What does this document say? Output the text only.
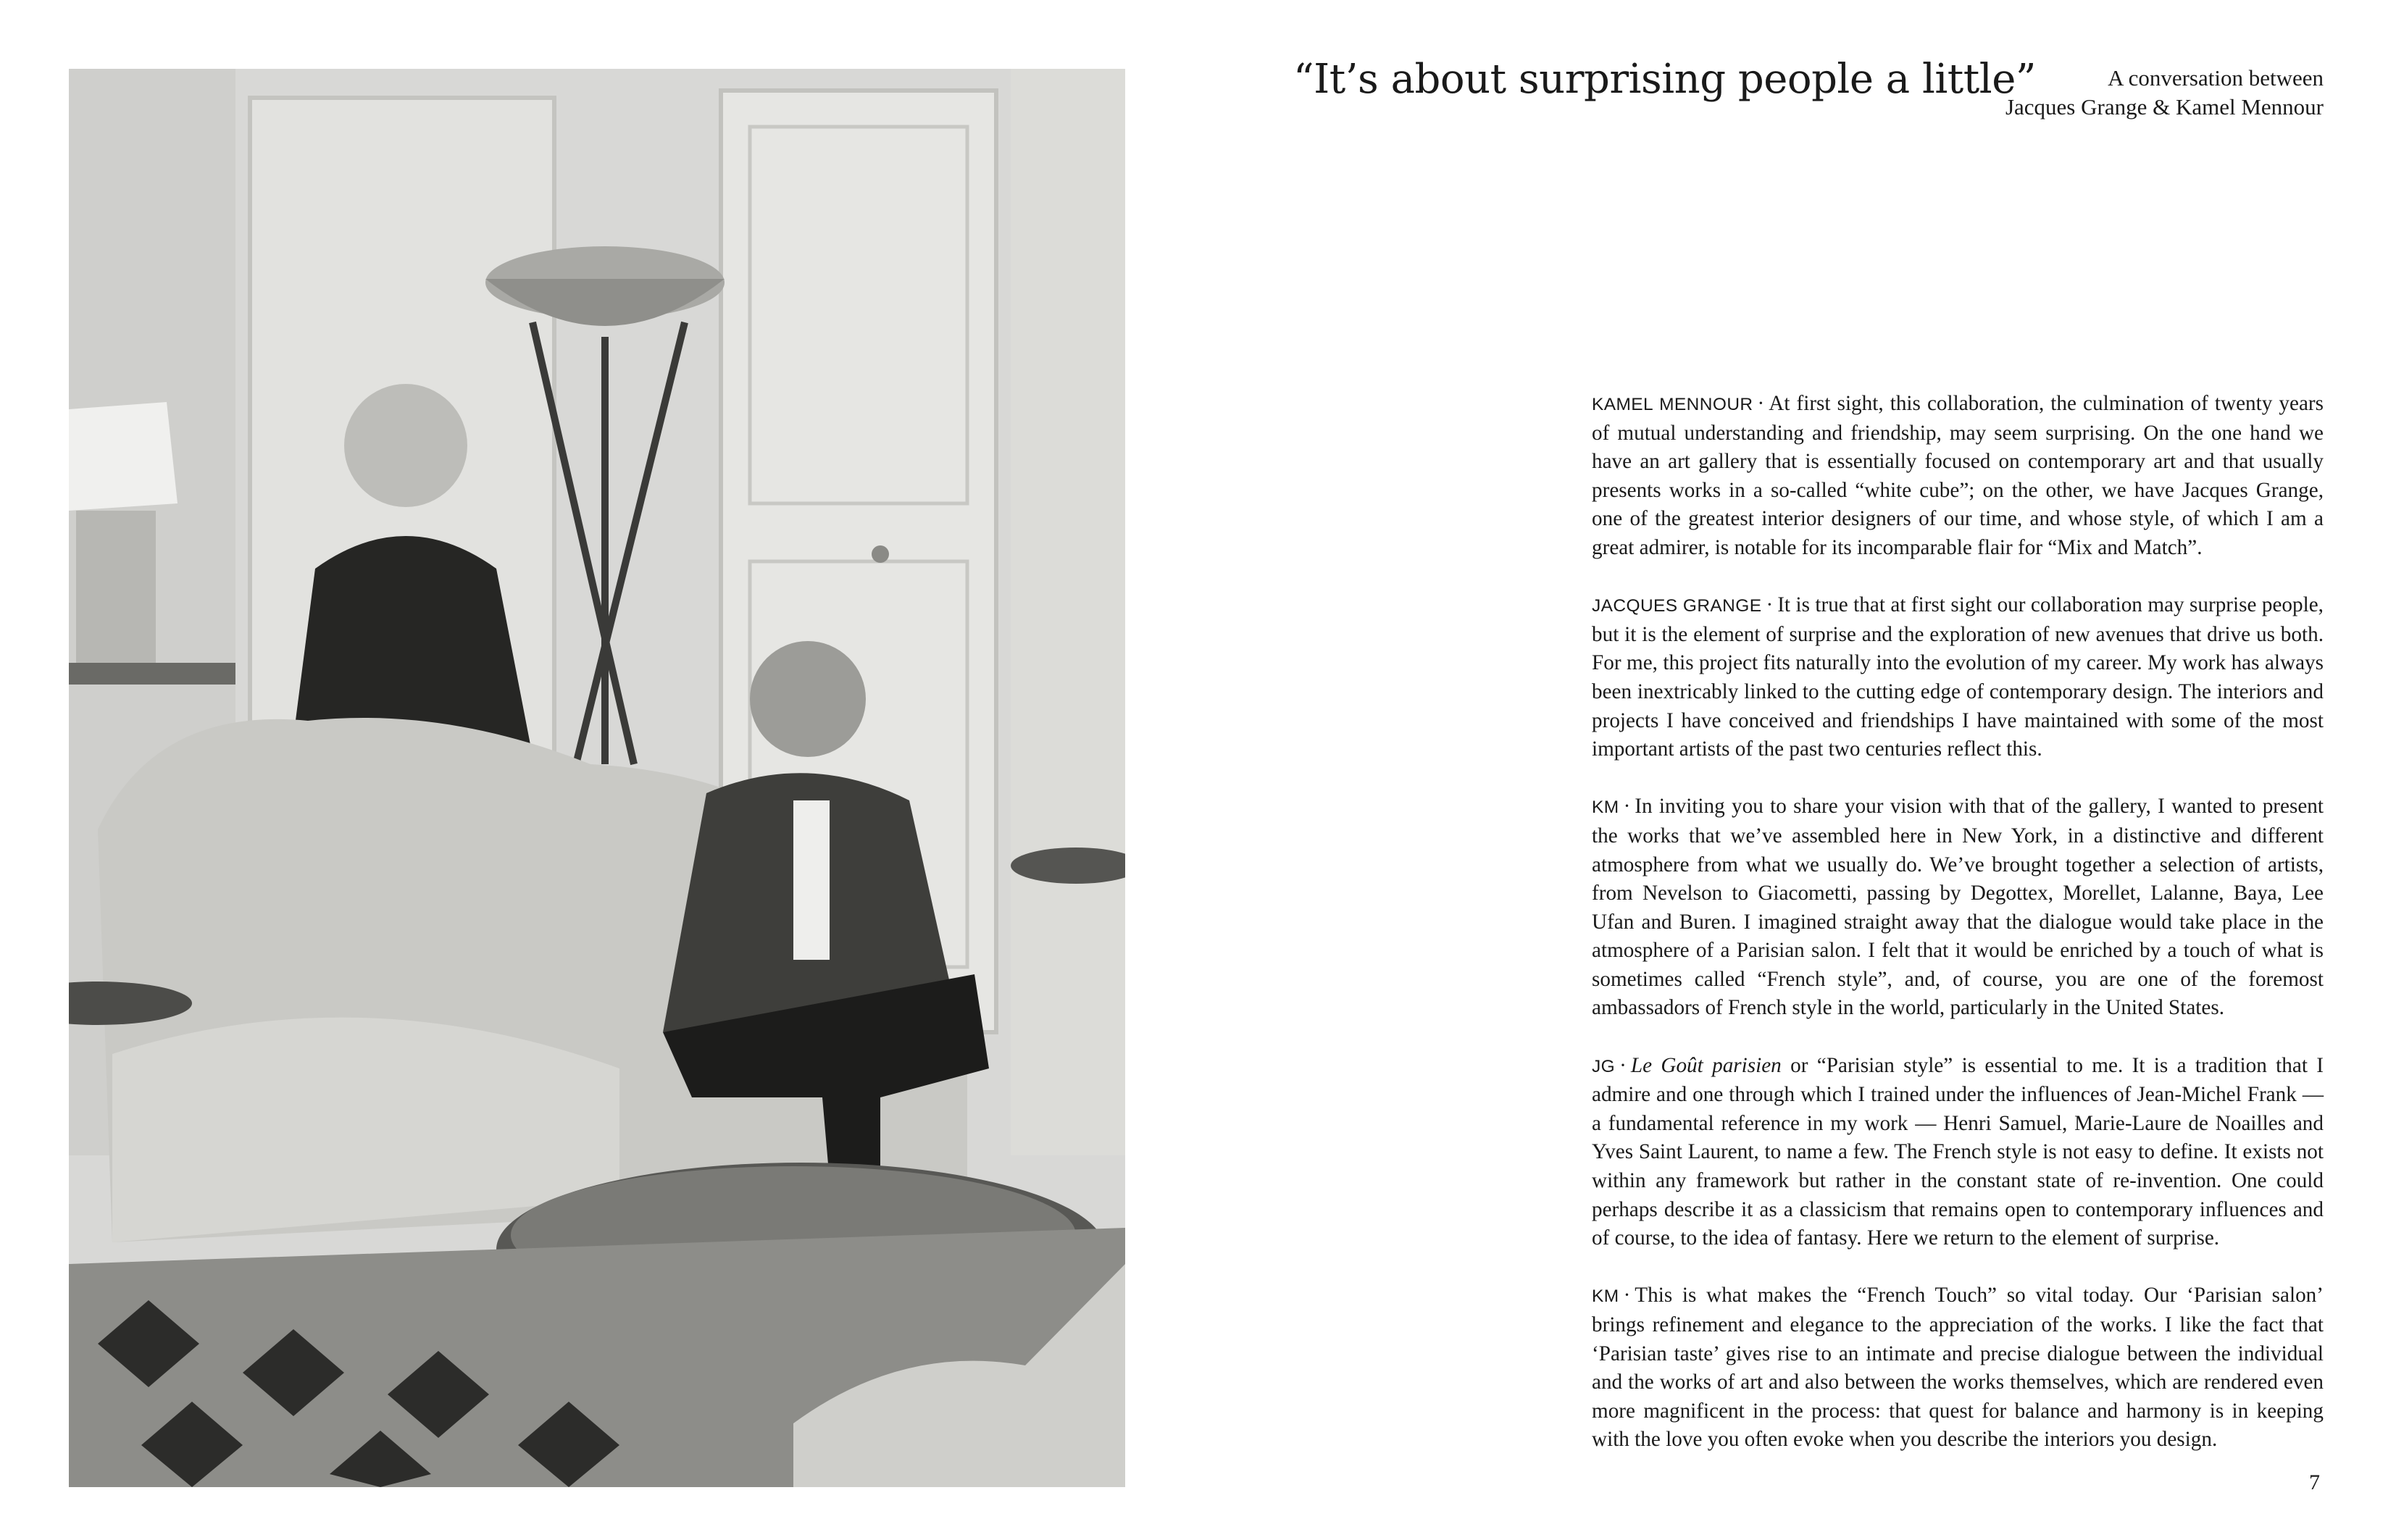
“It’s about surprising people a little”	A conversation between
Jacques Grange & Kamel Mennour

KAMEL MENNOUR · At first sight, this collaboration, the culmination of twenty years of mutual understanding and friendship, may seem surprising. On the one hand we have an art gallery that is essentially focused on contemporary art and that usually presents works in a so-called “white cube”; on the other, we have Jacques Grange, one of the greatest interior designers of our time, and whose style, of which I am a great admirer, is notable for its incomparable flair for “Mix and Match”.

JACQUES GRANGE · It is true that at first sight our collaboration may surprise people, but it is the element of surprise and the exploration of new avenues that drive us both. For me, this project fits naturally into the evolution of my career. My work has always been inextricably linked to the cutting edge of contemporary design. The interiors and projects I have conceived and friendships I have maintained with some of the most important artists of the past two centuries reflect this.

KM · In inviting you to share your vision with that of the gallery, I wanted to present the works that we’ve assembled here in New York, in a distinctive and different atmosphere from what we usually do. We’ve brought together a selection of artists, from Nevelson to Giacometti, passing by Degottex, Morellet, Lalanne, Baya, Lee Ufan and Buren. I imagined straight away that the dialogue would take place in the atmosphere of a Parisian salon. I felt that it would be enriched by a touch of what is sometimes called “French style”, and, of course, you are one of the foremost ambassadors of French style in the world, particularly in the United States.

JG · Le Goût parisien or “Parisian style” is essential to me. It is a tradition that I admire and one through which I trained under the influences of Jean-Michel Frank — a fundamental reference in my work — Henri Samuel, Marie-Laure de Noailles and Yves Saint Laurent, to name a few. The French style is not easy to define. It exists not within any framework but rather in the constant state of re-invention. One could perhaps describe it as a classicism that remains open to contemporary influences and of course, to the idea of fantasy. Here we return to the element of surprise.

KM · This is what makes the “French Touch” so vital today. Our ‘Parisian salon’ brings refinement and elegance to the appreciation of the works. I like the fact that ‘Parisian taste’ gives rise to an intimate and precise dialogue between the individual and the works of art and also between the works themselves, which are rendered even more magnificent in the process: that quest for balance and harmony is in keeping with the love you often evoke when you describe the interiors you design.

7
